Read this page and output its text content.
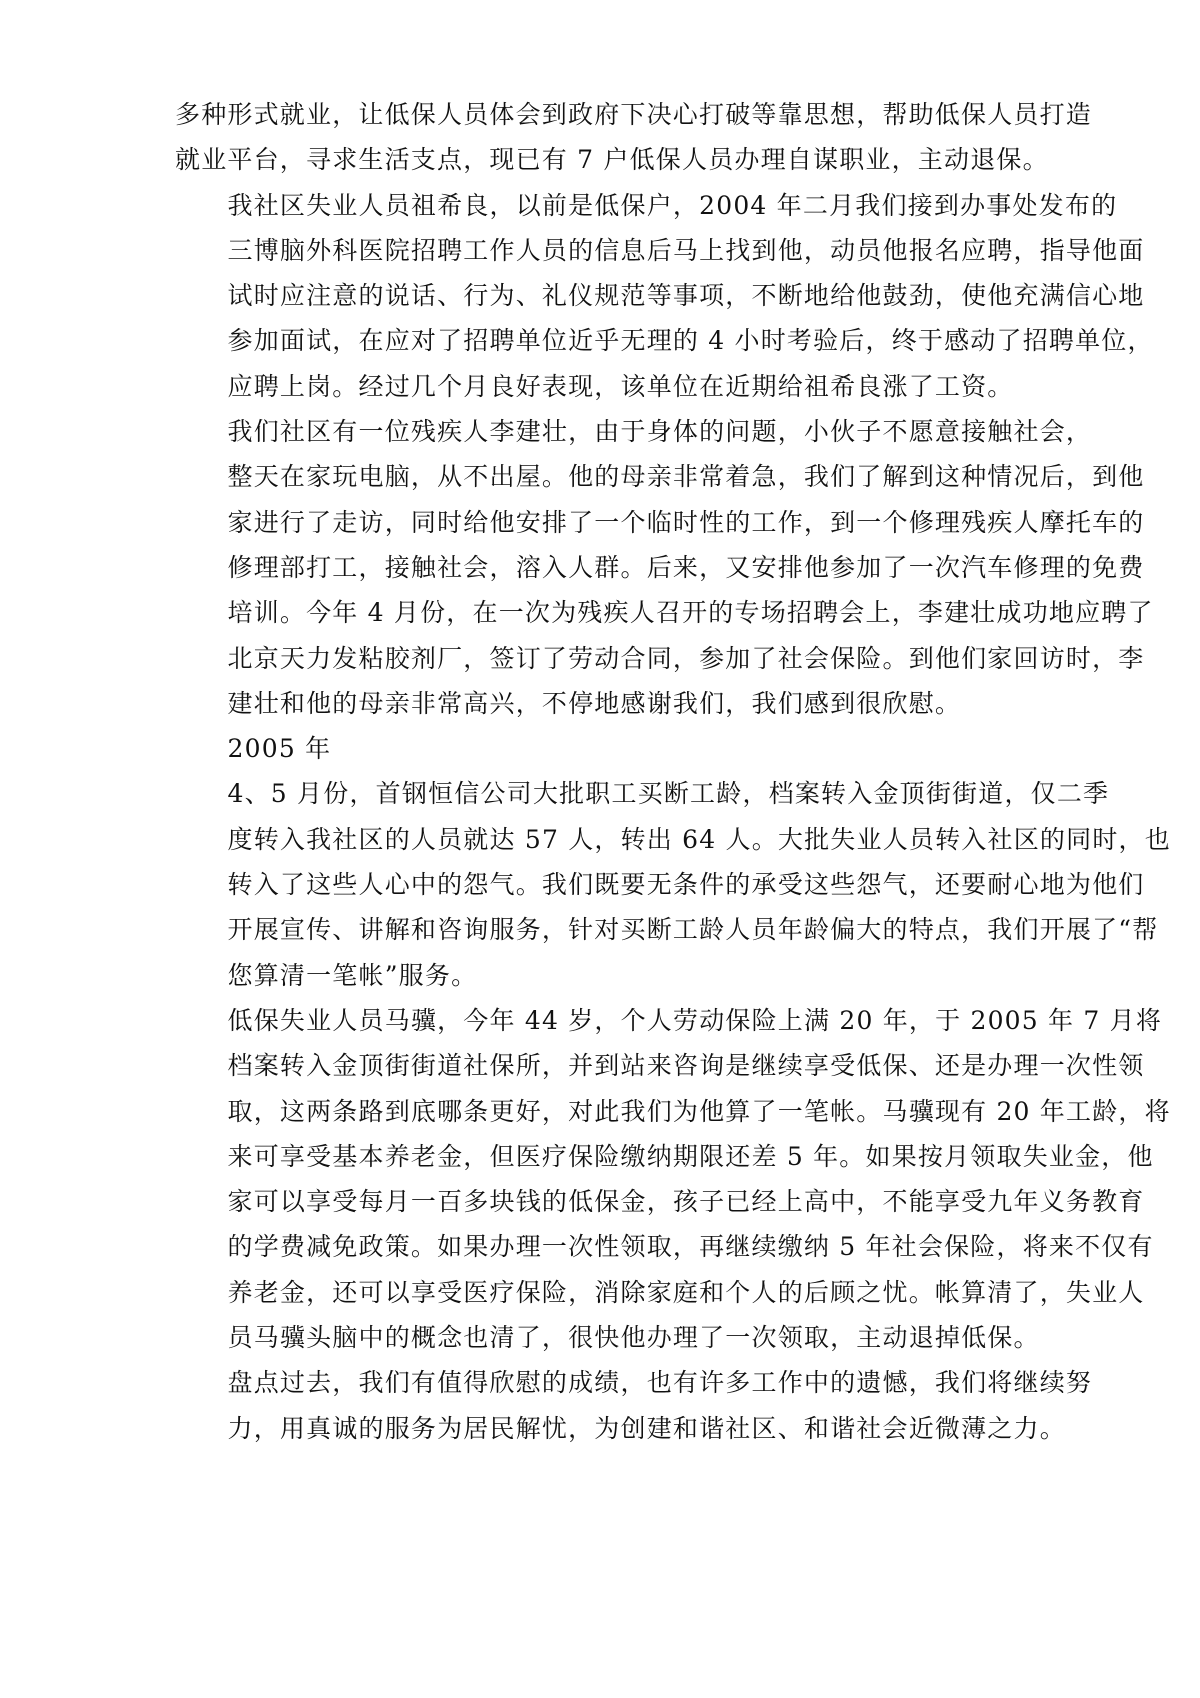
多种形式就业，让低保人员体会到政府下决心打破等靠思想，帮助低保人员打造
就业平台，寻求生活支点，现已有 7 户低保人员办理自谋职业，主动退保。
我社区失业人员祖希良，以前是低保户，2004 年二月我们接到办事处发布的
三博脑外科医院招聘工作人员的信息后马上找到他，动员他报名应聘，指导他面
试时应注意的说话、行为、礼仪规范等事项，不断地给他鼓劲，使他充满信心地
参加面试，在应对了招聘单位近乎无理的 4 小时考验后，终于感动了招聘单位，
应聘上岗。经过几个月良好表现，该单位在近期给祖希良涨了工资。
我们社区有一位残疾人李建壮，由于身体的问题，小伙子不愿意接触社会，
整天在家玩电脑，从不出屋。他的母亲非常着急，我们了解到这种情况后，到他
家进行了走访，同时给他安排了一个临时性的工作，到一个修理残疾人摩托车的
修理部打工，接触社会，溶入人群。后来，又安排他参加了一次汽车修理的免费
培训。今年 4 月份，在一次为残疾人召开的专场招聘会上，李建壮成功地应聘了
北京天力发粘胶剂厂，签订了劳动合同，参加了社会保险。到他们家回访时，李
建壮和他的母亲非常高兴，不停地感谢我们，我们感到很欣慰。
2005 年
4、5 月份，首钢恒信公司大批职工买断工龄，档案转入金顶街街道，仅二季
度转入我社区的人员就达 57 人，转出 64 人。大批失业人员转入社区的同时，也
转入了这些人心中的怨气。我们既要无条件的承受这些怨气，还要耐心地为他们
开展宣传、讲解和咨询服务，针对买断工龄人员年龄偏大的特点，我们开展了“帮
您算清一笔帐”服务。
低保失业人员马骥，今年 44 岁，个人劳动保险上满 20 年，于 2005 年 7 月将
档案转入金顶街街道社保所，并到站来咨询是继续享受低保、还是办理一次性领
取，这两条路到底哪条更好，对此我们为他算了一笔帐。马骥现有 20 年工龄，将
来可享受基本养老金，但医疗保险缴纳期限还差 5 年。如果按月领取失业金，他
家可以享受每月一百多块钱的低保金，孩子已经上高中，不能享受九年义务教育
的学费减免政策。如果办理一次性领取，再继续缴纳 5 年社会保险，将来不仅有
养老金，还可以享受医疗保险，消除家庭和个人的后顾之忧。帐算清了，失业人
员马骥头脑中的概念也清了，很快他办理了一次领取，主动退掉低保。
盘点过去，我们有值得欣慰的成绩，也有许多工作中的遗憾，我们将继续努
力，用真诚的服务为居民解忧，为创建和谐社区、和谐社会近微薄之力。
